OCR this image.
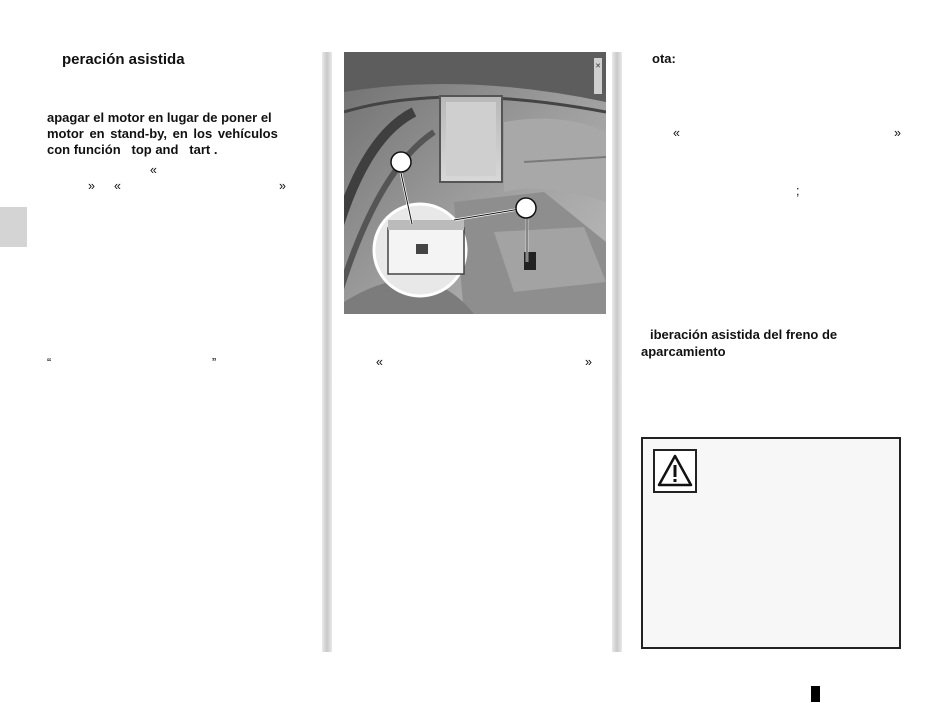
peración asistida
apagar el motor en lugar de poner el
motor en stand-by, en los vehículos
con función   top and   tart .
«
» «	»
“	”
✕
«	»
ota:
«	»
;
iberación asistida del freno de
aparcamiento
